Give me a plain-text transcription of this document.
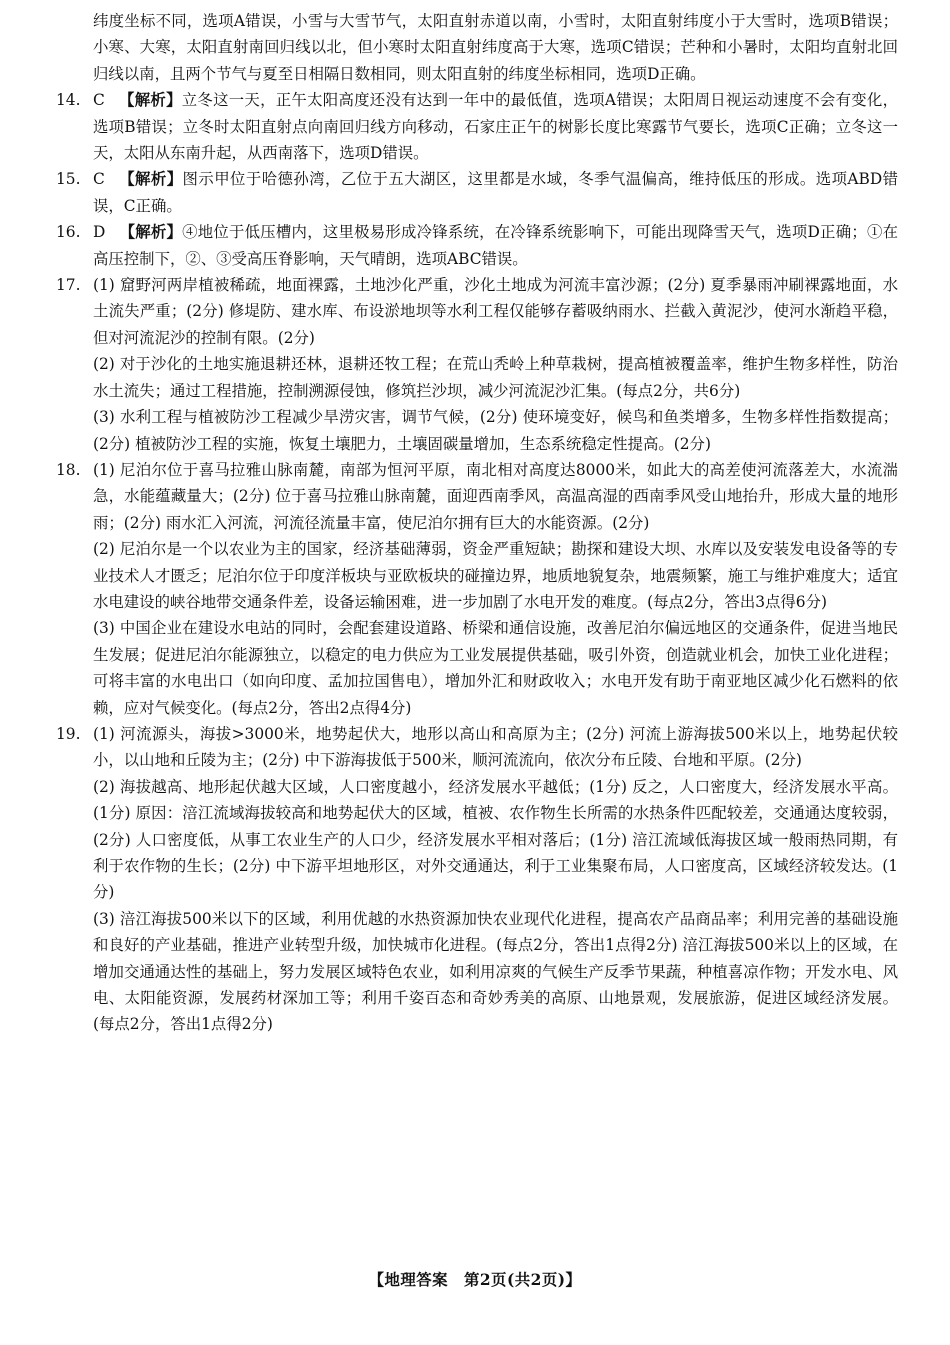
纬度坐标不同，选项A错误，小雪与大雪节气，太阳直射赤道以南，小雪时，太阳直射纬度小于大雪时，选项B错误；小寒、大寒，太阳直射南回归线以北，但小寒时太阳直射纬度高于大寒，选项C错误；芒种和小暑时，太阳均直射北回归线以南，且两个节气与夏至日相隔日数相同，则太阳直射的纬度坐标相同，选项D正确。

14. C 【解析】立冬这一天，正午太阳高度还没有达到一年中的最低值，选项A错误；太阳周日视运动速度不会有变化，选项B错误；立冬时太阳直射点向南回归线方向移动，石家庄正午的树影长度比寒露节气要长，选项C正确；立冬这一天，太阳从东南升起，从西南落下，选项D错误。

15. C 【解析】图示甲位于哈德孙湾，乙位于五大湖区，这里都是水域，冬季气温偏高，维持低压的形成。选项ABD错误，C正确。

16. D 【解析】④地位于低压槽内，这里极易形成冷锋系统，在冷锋系统影响下，可能出现降雪天气，选项D正确；①在高压控制下，②、③受高压脊影响，天气晴朗，选项ABC错误。

17. (1) 窟野河两岸植被稀疏，地面裸露，土地沙化严重，沙化土地成为河流丰富沙源；(2分) 夏季暴雨冲刷裸露地面，水土流失严重；(2分) 修堤防、建水库、布设淤地坝等水利工程仅能够存蓄吸纳雨水、拦截入黄泥沙，使河水渐趋平稳，但对河流泥沙的控制有限。(2分)

(2) 对于沙化的土地实施退耕还林，退耕还牧工程；在荒山秃岭上种草栽树，提高植被覆盖率，维护生物多样性，防治水土流失；通过工程措施，控制溯源侵蚀，修筑拦沙坝，减少河流泥沙汇集。(每点2分，共6分)

(3) 水利工程与植被防沙工程减少旱涝灾害，调节气候，(2分) 使环境变好，候鸟和鱼类增多，生物多样性指数提高；(2分) 植被防沙工程的实施，恢复土壤肥力，土壤固碳量增加，生态系统稳定性提高。(2分)

18. (1) 尼泊尔位于喜马拉雅山脉南麓，南部为恒河平原，南北相对高度达8000米，如此大的高差使河流落差大，水流湍急，水能蕴藏量大；(2分) 位于喜马拉雅山脉南麓，面迎西南季风，高温高湿的西南季风受山地抬升，形成大量的地形雨；(2分) 雨水汇入河流，河流径流量丰富，使尼泊尔拥有巨大的水能资源。(2分)

(2) 尼泊尔是一个以农业为主的国家，经济基础薄弱，资金严重短缺；勘探和建设大坝、水库以及安装发电设备等的专业技术人才匮乏；尼泊尔位于印度洋板块与亚欧板块的碰撞边界，地质地貌复杂，地震频繁，施工与维护难度大；适宜水电建设的峡谷地带交通条件差，设备运输困难，进一步加剧了水电开发的难度。(每点2分，答出3点得6分)

(3) 中国企业在建设水电站的同时，会配套建设道路、桥梁和通信设施，改善尼泊尔偏远地区的交通条件，促进当地民生发展；促进尼泊尔能源独立，以稳定的电力供应为工业发展提供基础，吸引外资，创造就业机会，加快工业化进程；可将丰富的水电出口（如向印度、孟加拉国售电），增加外汇和财政收入；水电开发有助于南亚地区减少化石燃料的依赖，应对气候变化。(每点2分，答出2点得4分)

19. (1) 河流源头，海拔>3000米，地势起伏大，地形以高山和高原为主；(2分) 河流上游海拔500米以上，地势起伏较小，以山地和丘陵为主；(2分) 中下游海拔低于500米，顺河流流向，依次分布丘陵、台地和平原。(2分)

(2) 海拔越高、地形起伏越大区域，人口密度越小，经济发展水平越低；(1分) 反之，人口密度大，经济发展水平高。(1分) 原因：涪江流域海拔较高和地势起伏大的区域，植被、农作物生长所需的水热条件匹配较差，交通通达度较弱，(2分) 人口密度低，从事工农业生产的人口少，经济发展水平相对落后；(1分) 涪江流域低海拔区域一般雨热同期，有利于农作物的生长；(2分) 中下游平坦地形区，对外交通通达，利于工业集聚布局，人口密度高，区域经济较发达。(1分)

(3) 涪江海拔500米以下的区域，利用优越的水热资源加快农业现代化进程，提高农产品商品率；利用完善的基础设施和良好的产业基础，推进产业转型升级，加快城市化进程。(每点2分，答出1点得2分) 涪江海拔500米以上的区域，在增加交通通达性的基础上，努力发展区域特色农业，如利用凉爽的气候生产反季节果蔬，种植喜凉作物；开发水电、风电、太阳能资源，发展药材深加工等；利用千姿百态和奇妙秀美的高原、山地景观，发展旅游，促进区域经济发展。(每点2分，答出1点得2分)

【地理答案　第2页(共2页)】
